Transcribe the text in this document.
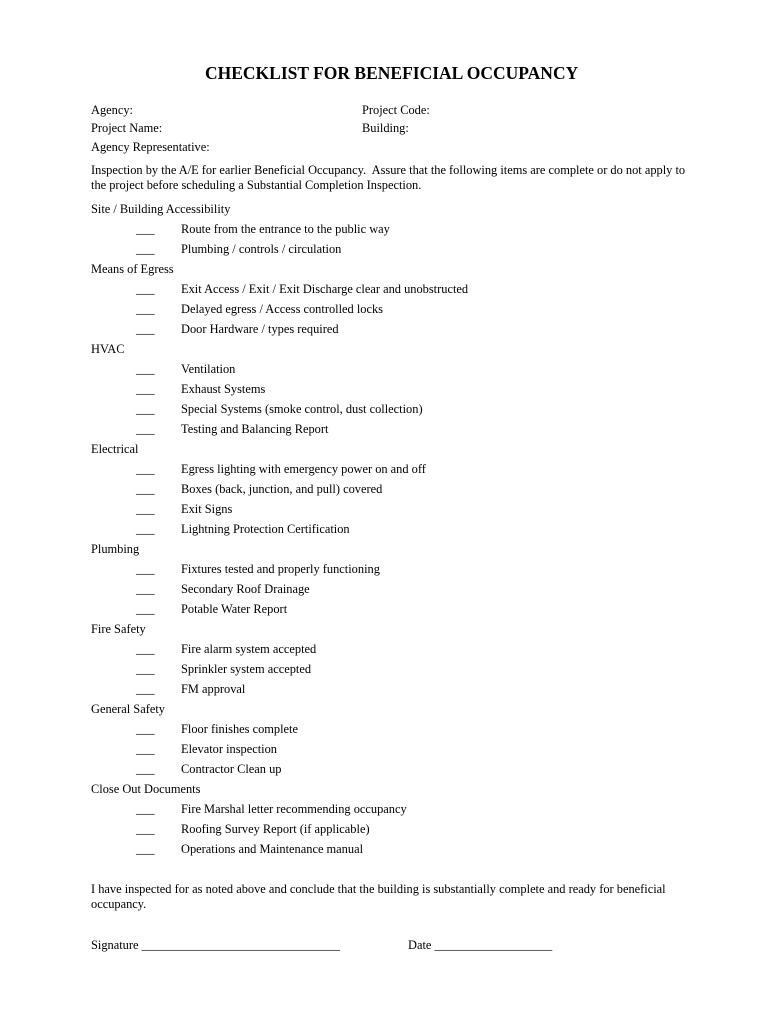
CHECKLIST FOR BENEFICIAL OCCUPANCY
Agency:	Project Code:
Project Name:	Building:
Agency Representative:
Inspection by the A/E for earlier Beneficial Occupancy.  Assure that the following items are complete or do not apply to
the project before scheduling a Substantial Completion Inspection.
Site / Building Accessibility
___ Route from the entrance to the public way
___ Plumbing / controls / circulation
Means of Egress
___ Exit Access / Exit / Exit Discharge clear and unobstructed
___ Delayed egress / Access controlled locks
___ Door Hardware / types required
HVAC
___ Ventilation
___ Exhaust Systems
___ Special Systems (smoke control, dust collection)
___ Testing and Balancing Report
Electrical
___ Egress lighting with emergency power on and off
___ Boxes (back, junction, and pull) covered
___ Exit Signs
___ Lightning Protection Certification
Plumbing
___ Fixtures tested and properly functioning
___ Secondary Roof Drainage
___ Potable Water Report
Fire Safety
___ Fire alarm system accepted
___ Sprinkler system accepted
___ FM approval
General Safety
___ Floor finishes complete
___ Elevator inspection
___ Contractor Clean up
Close Out Documents
___ Fire Marshal letter recommending occupancy
___ Roofing Survey Report (if applicable)
___ Operations and Maintenance manual
I have inspected for as noted above and conclude that the building is substantially complete and ready for beneficial
occupancy.
Signature ________________________________	Date ___________________
